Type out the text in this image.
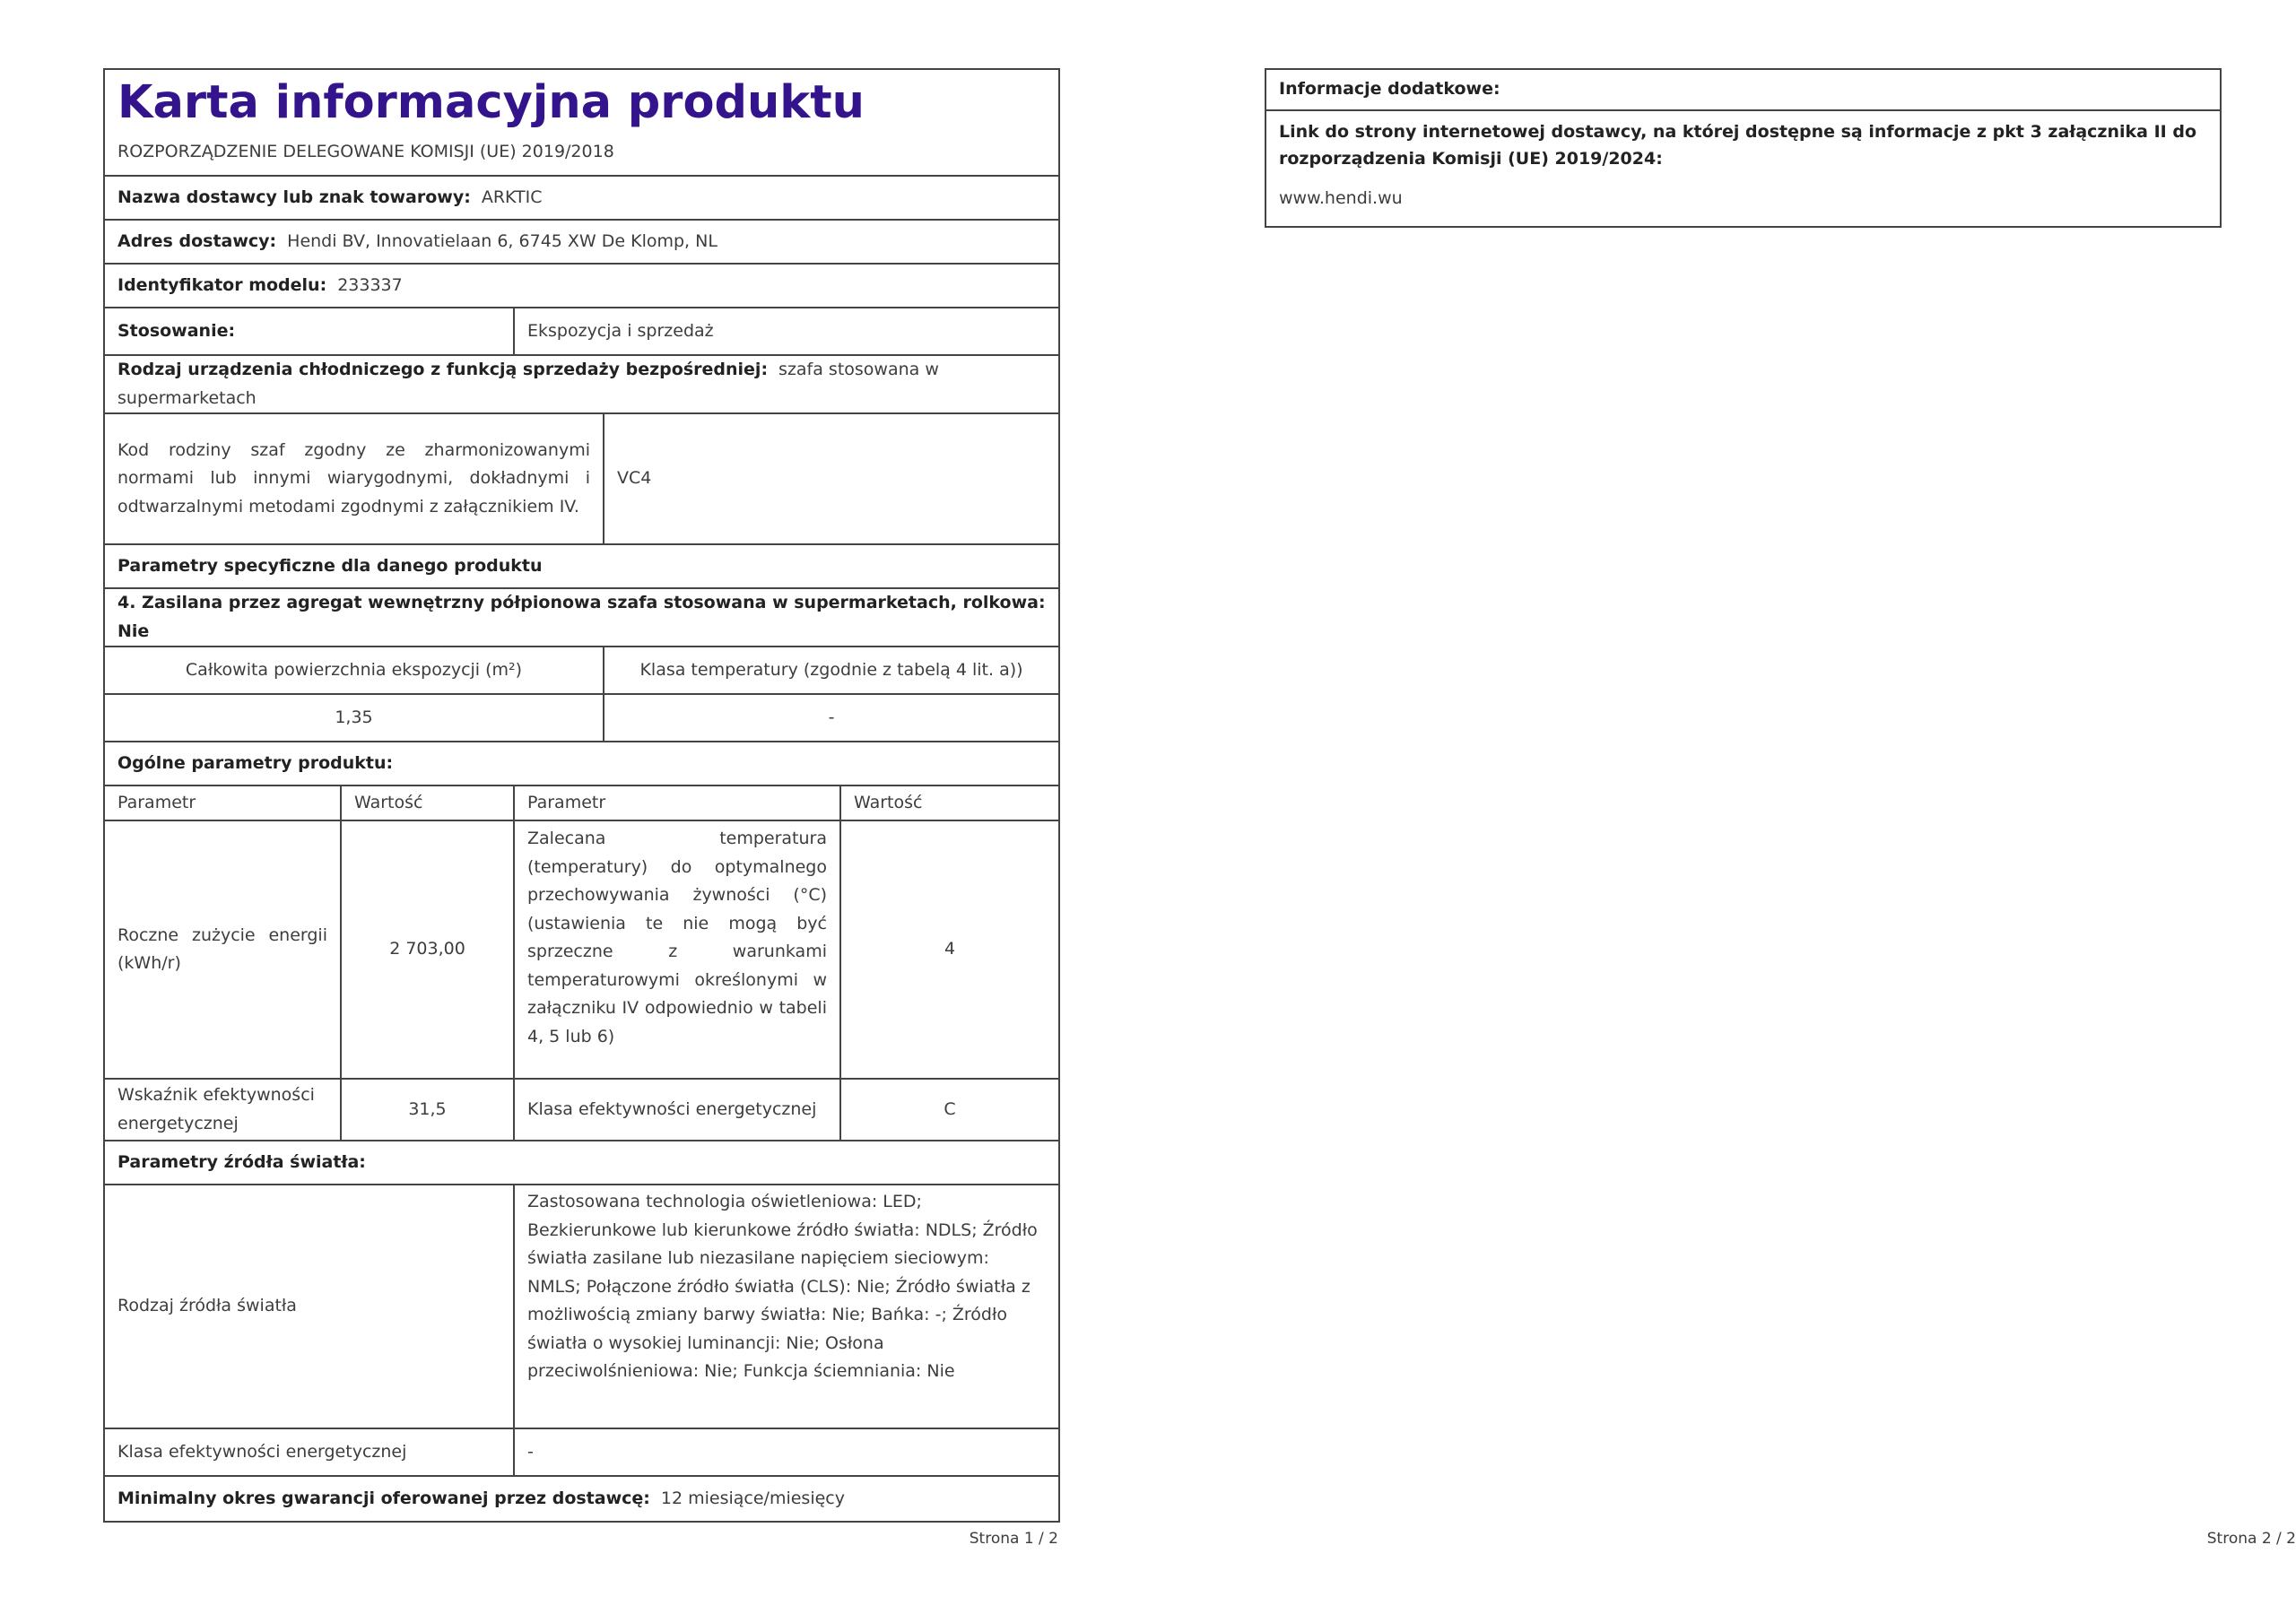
Karta informacyjna produktu
ROZPORZĄDZENIE DELEGOWANE KOMISJI (UE) 2019/2018				

Nazwa dostawcy lub znak towarowy: ARKTIC				
Adres dostawcy: Hendi BV, Innovatielaan 6, 6745 XW De Klomp, NL				
Identyfikator modelu: 233337				
Stosowanie:		Ekspozycja i sprzedaż		
Rodzaj urządzenia chłodniczego z funkcją sprzedaży bezpośredniej: szafa stosowana w supermarketach				
Kod rodziny szaf zgodny ze zharmonizowanymi normami lub innymi wiarygodnymi, dokładnymi i odtwarzalnymi metodami zgodnymi z załącznikiem IV.			VC4	
Parametry specyficzne dla danego produktu				
4. Zasilana przez agregat wewnętrzny półpionowa szafa stosowana w supermarketach, rolkowa: Nie				
Całkowita powierzchnia ekspozycji (m²)			Klasa temperatury (zgodnie z tabelą 4 lit. a))	
1,35			-	
Ogólne parametry produktu:				
Parametr	Wartość	Parametr		Wartość
Roczne zużycie energii (kWh/r)	2 703,00	Zalecana temperatura (temperatury) do optymalnego przechowywania żywności (°C) (ustawienia te nie mogą być sprzeczne z warunkami temperaturowymi określonymi w załączniku IV odpowiednio w tabeli 4, 5 lub 6)		4
Wskaźnik efektywności energetycznej	31,5	Klasa efektywności energetycznej		C
Parametry źródła światła:				
Rodzaj źródła światła		Zastosowana technologia oświetleniowa: LED; Bezkierunkowe lub kierunkowe źródło światła: NDLS; Źródło światła zasilane lub niezasilane napięciem sieciowym: NMLS; Połączone źródło światła (CLS): Nie; Źródło światła z możliwością zmiany barwy światła: Nie; Bańka: -; Źródło światła o wysokiej luminancji: Nie; Osłona przeciwolśnieniowa: Nie; Funkcja ściemniania: Nie		
Klasa efektywności energetycznej		-		
Minimalny okres gwarancji oferowanej przez dostawcę: 12 miesiące/miesięcy				
Strona 1 / 2
Informacje dodatkowe:

Link do strony internetowej dostawcy, na której dostępne są informacje z pkt 3 załącznika II do rozporządzenia Komisji (UE) 2019/2024:
www.hendi.wu
Strona 2 / 2
